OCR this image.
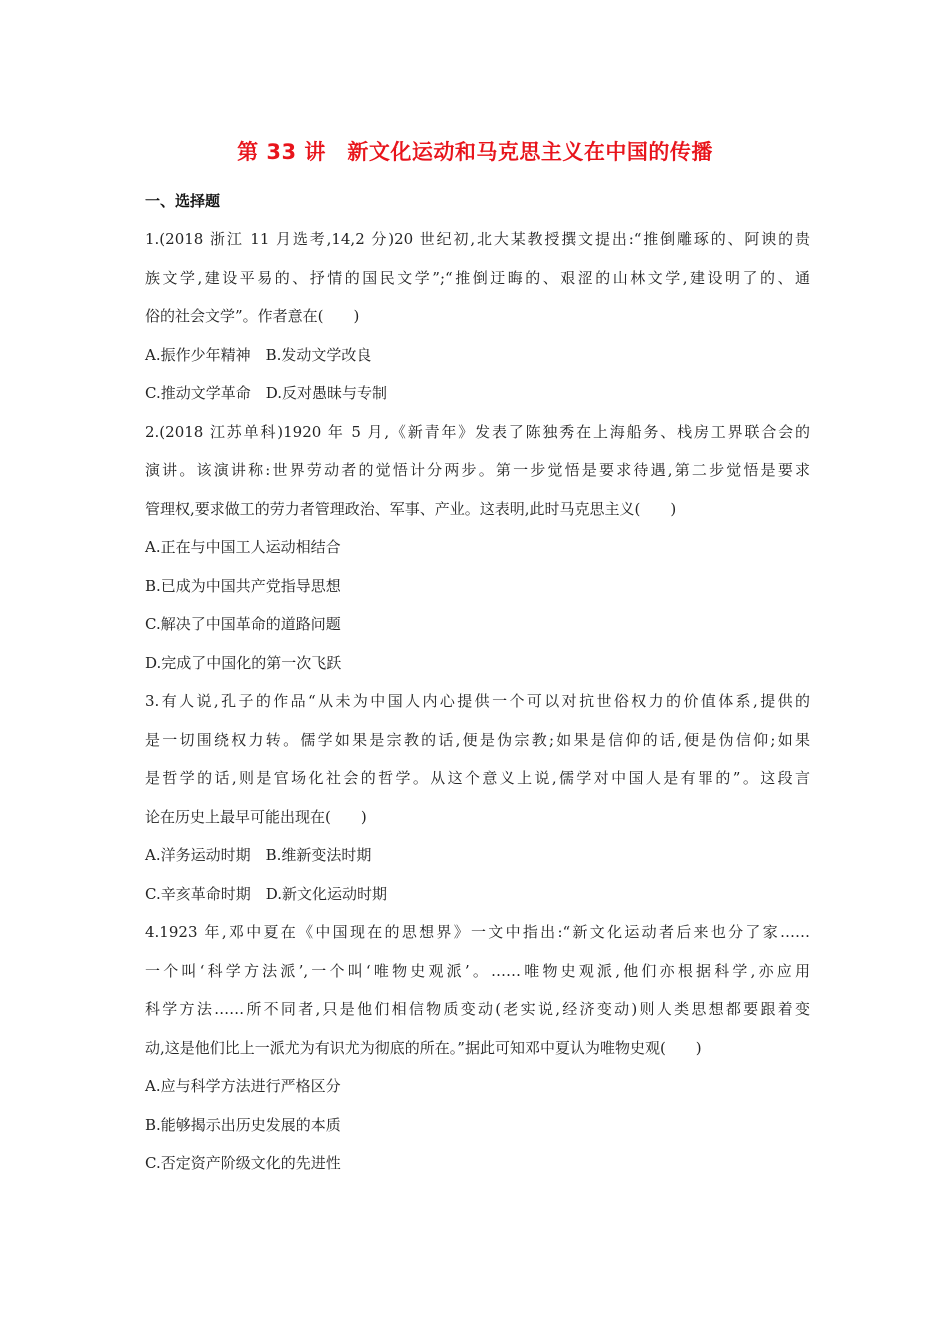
第 33 讲　新文化运动和马克思主义在中国的传播
一、选择题
1.(2018 浙江 11 月选考,14,2 分)20 世纪初,北大某教授撰文提出:“推倒雕琢的、阿谀的贵
族文学,建设平易的、抒情的国民文学”;“推倒迂晦的、艰涩的山林文学,建设明了的、通
俗的社会文学”。作者意在(　　)
A.振作少年精神　B.发动文学改良
C.推动文学革命　D.反对愚昧与专制
2.(2018 江苏单科)1920 年 5 月,《新青年》发表了陈独秀在上海船务、栈房工界联合会的
演讲。该演讲称:世界劳动者的觉悟计分两步。第一步觉悟是要求待遇,第二步觉悟是要求
管理权,要求做工的劳力者管理政治、军事、产业。这表明,此时马克思主义(　　)
A.正在与中国工人运动相结合
B.已成为中国共产党指导思想
C.解决了中国革命的道路问题
D.完成了中国化的第一次飞跃
3.有人说,孔子的作品“从未为中国人内心提供一个可以对抗世俗权力的价值体系,提供的
是一切围绕权力转。儒学如果是宗教的话,便是伪宗教;如果是信仰的话,便是伪信仰;如果
是哲学的话,则是官场化社会的哲学。从这个意义上说,儒学对中国人是有罪的”。这段言
论在历史上最早可能出现在(　　)
A.洋务运动时期　B.维新变法时期
C.辛亥革命时期　D.新文化运动时期
4.1923 年,邓中夏在《中国现在的思想界》一文中指出:“新文化运动者后来也分了家……
一个叫‘科学方法派’,一个叫‘唯物史观派’。……唯物史观派,他们亦根据科学,亦应用
科学方法……所不同者,只是他们相信物质变动(老实说,经济变动)则人类思想都要跟着变
动,这是他们比上一派尤为有识尤为彻底的所在。”据此可知邓中夏认为唯物史观(　　)
A.应与科学方法进行严格区分
B.能够揭示出历史发展的本质
C.否定资产阶级文化的先进性
